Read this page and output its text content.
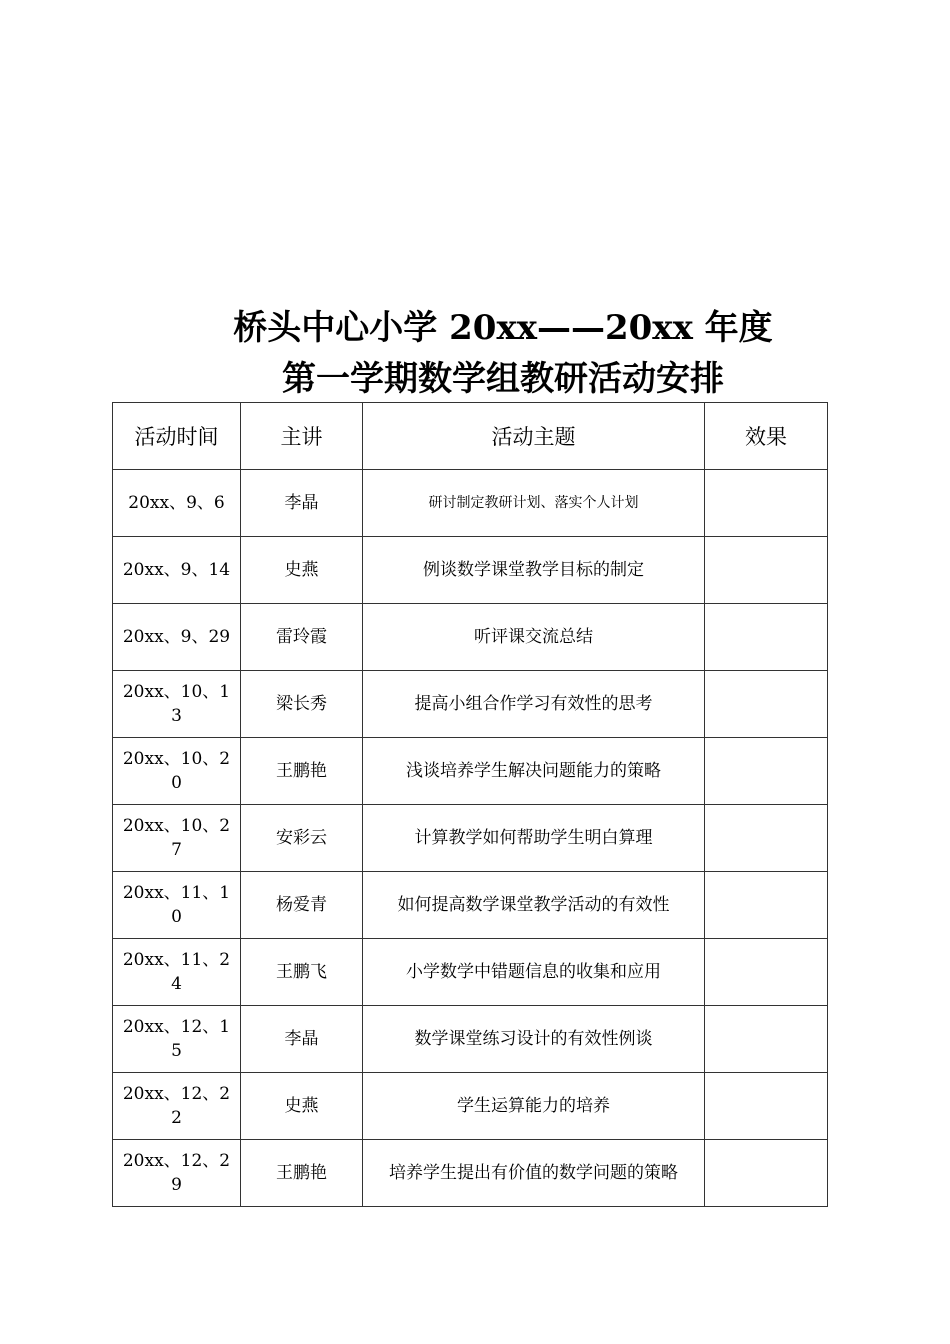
桥头中心小学 20xx——20xx 年度
第一学期数学组教研活动安排
活动时间	主讲	活动主题	效果
20xx、9、6	李晶	研讨制定教研计划、落实个人计划	
20xx、9、14	史燕	例谈数学课堂教学目标的制定	
20xx、9、29	雷玲霞	听评课交流总结	
20xx、10、13	梁长秀	提高小组合作学习有效性的思考	
20xx、10、20	王鹏艳	浅谈培养学生解决问题能力的策略	
20xx、10、27	安彩云	计算教学如何帮助学生明白算理	
20xx、11、10	杨爱青	如何提高数学课堂教学活动的有效性	
20xx、11、24	王鹏飞	小学数学中错题信息的收集和应用	
20xx、12、15	李晶	数学课堂练习设计的有效性例谈	
20xx、12、22	史燕	学生运算能力的培养	
20xx、12、29	王鹏艳	培养学生提出有价值的数学问题的策略	
